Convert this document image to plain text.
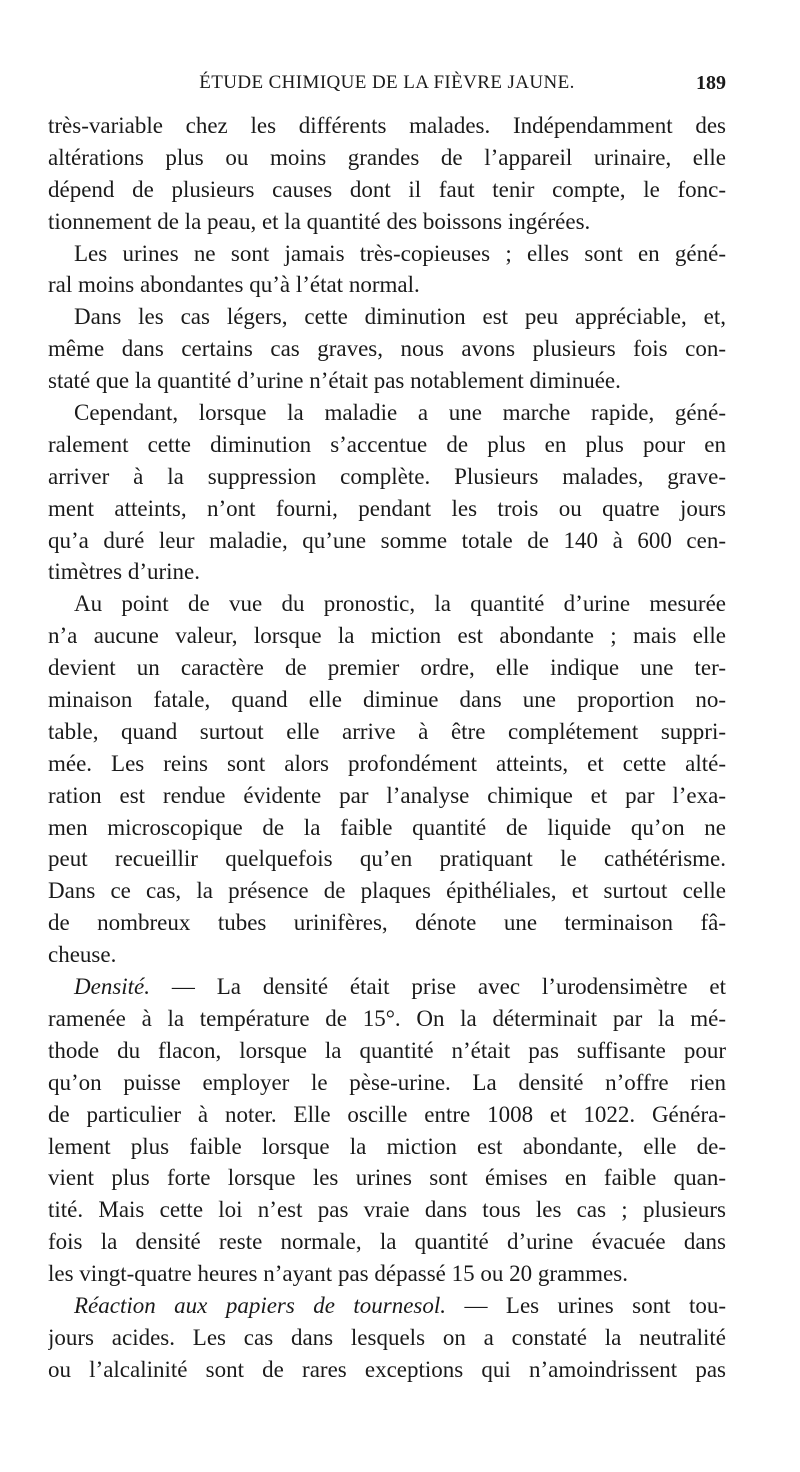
ÉTUDE CHIMIQUE DE LA FIÈVRE JAUNE.	189
très-variable chez les différents malades. Indépendamment des
altérations plus ou moins grandes de l’appareil urinaire, elle
dépend de plusieurs causes dont il faut tenir compte, le fonc-
tionnement de la peau, et la quantité des boissons ingérées.
Les urines ne sont jamais très-copieuses ; elles sont en géné-
ral moins abondantes qu’à l’état normal.
Dans les cas légers, cette diminution est peu appréciable, et,
même dans certains cas graves, nous avons plusieurs fois con-
staté que la quantité d’urine n’était pas notablement diminuée.
Cependant, lorsque la maladie a une marche rapide, géné-
ralement cette diminution s’accentue de plus en plus pour en
arriver à la suppression complète. Plusieurs malades, grave-
ment atteints, n’ont fourni, pendant les trois ou quatre jours
qu’a duré leur maladie, qu’une somme totale de 140 à 600 cen-
timètres d’urine.
Au point de vue du pronostic, la quantité d’urine mesurée
n’a aucune valeur, lorsque la miction est abondante ; mais elle
devient un caractère de premier ordre, elle indique une ter-
minaison fatale, quand elle diminue dans une proportion no-
table, quand surtout elle arrive à être complétement suppri-
mée. Les reins sont alors profondément atteints, et cette alté-
ration est rendue évidente par l’analyse chimique et par l’exa-
men microscopique de la faible quantité de liquide qu’on ne
peut recueillir quelquefois qu’en pratiquant le cathétérisme.
Dans ce cas, la présence de plaques épithéliales, et surtout celle
de nombreux tubes urinifères, dénote une terminaison fâ-
cheuse.
Densité. — La densité était prise avec l’urodensimètre et
ramenée à la température de 15°. On la déterminait par la mé-
thode du flacon, lorsque la quantité n’était pas suffisante pour
qu’on puisse employer le pèse-urine. La densité n’offre rien
de particulier à noter. Elle oscille entre 1008 et 1022. Généra-
lement plus faible lorsque la miction est abondante, elle de-
vient plus forte lorsque les urines sont émises en faible quan-
tité. Mais cette loi n’est pas vraie dans tous les cas ; plusieurs
fois la densité reste normale, la quantité d’urine évacuée dans
les vingt-quatre heures n’ayant pas dépassé 15 ou 20 grammes.
Réaction aux papiers de tournesol. — Les urines sont tou-
jours acides. Les cas dans lesquels on a constaté la neutralité
ou l’alcalinité sont de rares exceptions qui n’amoindrissent pas
